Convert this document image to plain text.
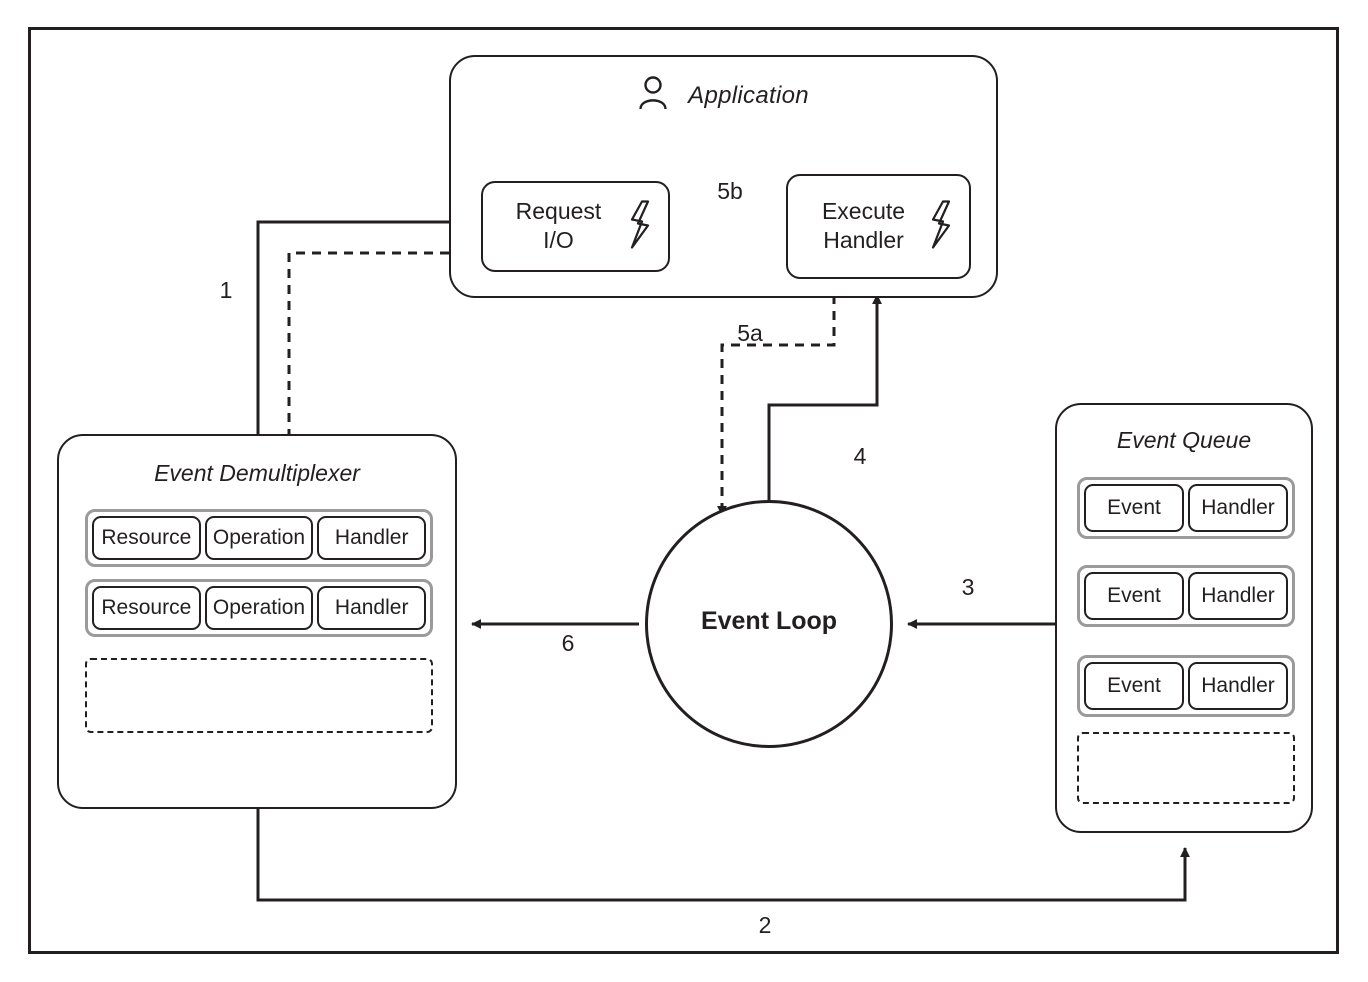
Application
Request
I/O
Execute
Handler
Event Demultiplexer
Resource	Operation	Handler
Resource	Operation	Handler
Event Queue
Event	Handler
Event	Handler
Event	Handler
Event Loop
1
2
3
4
5a
5b
6
